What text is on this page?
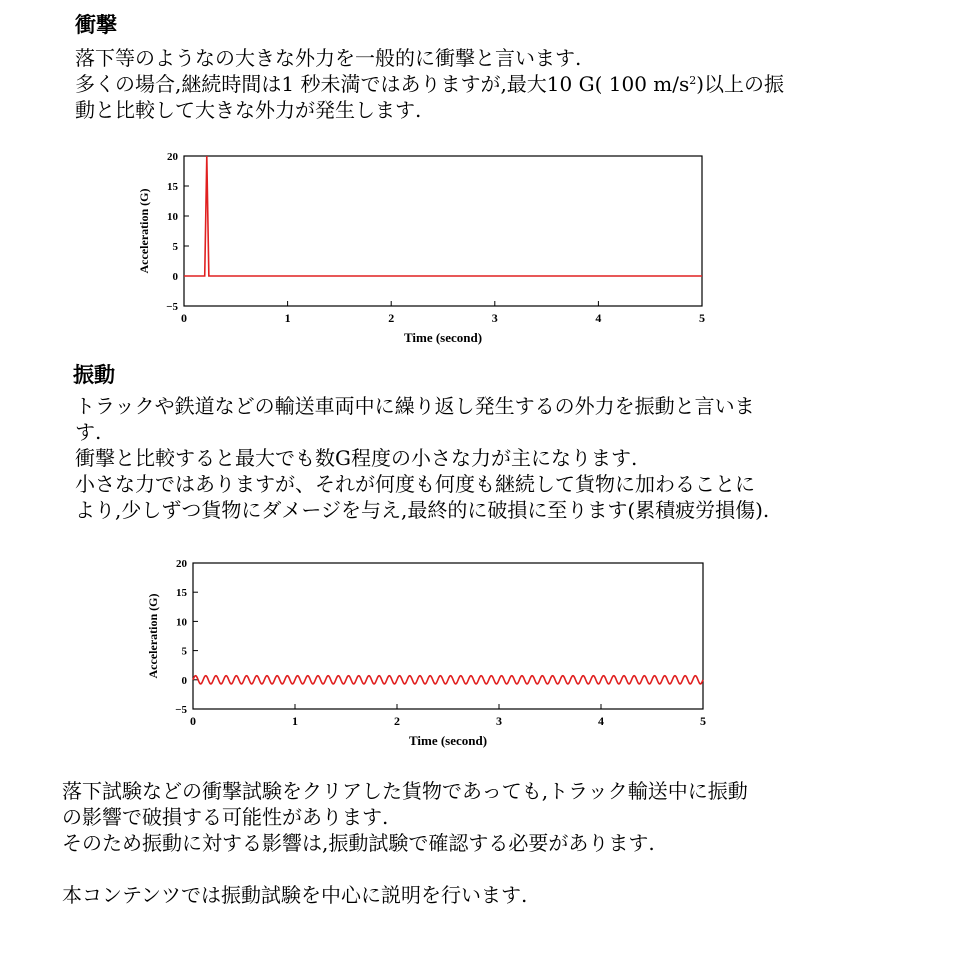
衝撃
落下等のようなの大きな外力を一般的に衝撃と言います.
多くの場合,継続時間は1 秒未満ではありますが,最大10 G( 100 $m/s^2$)以上の振
動と比較して大きな外力が発生します.
−5
0
5
10
15
20
0	1	2	3	4	5
Time (second)
Acceleration (G)
振動
トラックや鉄道などの輸送車両中に繰り返し発生するの外力を振動と言いま
す.
衝撃と比較すると最大でも数G程度の小さな力が主になります.
小さな力ではありますが、それが何度も何度も継続して貨物に加わることに
より,少しずつ貨物にダメージを与え,最終的に破損に至ります(累積疲労損傷).
−5
0
5
10
15
20
0	1	2	3	4	5
Time (second)
Acceleration (G)
落下試験などの衝撃試験をクリアした貨物であっても,トラック輸送中に振動
の影響で破損する可能性があります.
そのため振動に対する影響は,振動試験で確認する必要があります.
本コンテンツでは振動試験を中心に説明を行います.
